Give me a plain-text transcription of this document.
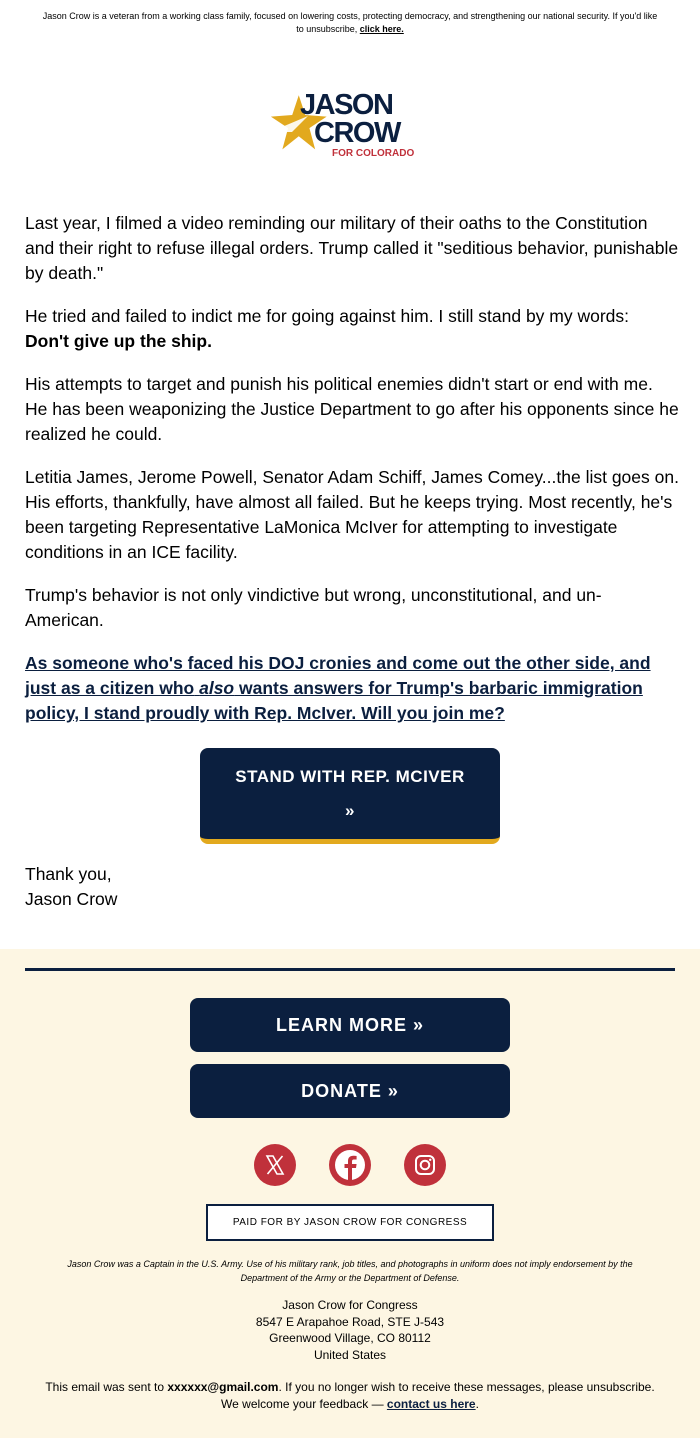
Jason Crow is a veteran from a working class family, focused on lowering costs, protecting democracy, and strengthening our national security. If you'd like to unsubscribe, click here.
JASON
CROW
FOR COLORADO

Last year, I filmed a video reminding our military of their oaths to the Constitution and their right to refuse illegal orders. Trump called it "seditious behavior, punishable by death."

He tried and failed to indict me for going against him. I still stand by my words:
Don't give up the ship.

His attempts to target and punish his political enemies didn't start or end with me. He has been weaponizing the Justice Department to go after his opponents since he realized he could.

Letitia James, Jerome Powell, Senator Adam Schiff, James Comey...the list goes on. His efforts, thankfully, have almost all failed. But he keeps trying. Most recently, he's been targeting Representative LaMonica McIver for attempting to investigate conditions in an ICE facility.

Trump's behavior is not only vindictive but wrong, unconstitutional, and un-American.

As someone who's faced his DOJ cronies and come out the other side, and just as a citizen who also wants answers for Trump's barbaric immigration policy, I stand proudly with Rep. McIver. Will you join me?

STAND WITH REP. MCIVER
»
Thank you,
Jason Crow
LEARN MORE »
DONATE »
PAID FOR BY JASON CROW FOR CONGRESS
Jason Crow was a Captain in the U.S. Army. Use of his military rank, job titles, and photographs in uniform does not imply endorsement by the Department of the Army or the Department of Defense.
Jason Crow for Congress
8547 E Arapahoe Road, STE J-543
Greenwood Village, CO 80112
United States
This email was sent to xxxxxx@gmail.com. If you no longer wish to receive these messages, please unsubscribe.
We welcome your feedback — contact us here.
